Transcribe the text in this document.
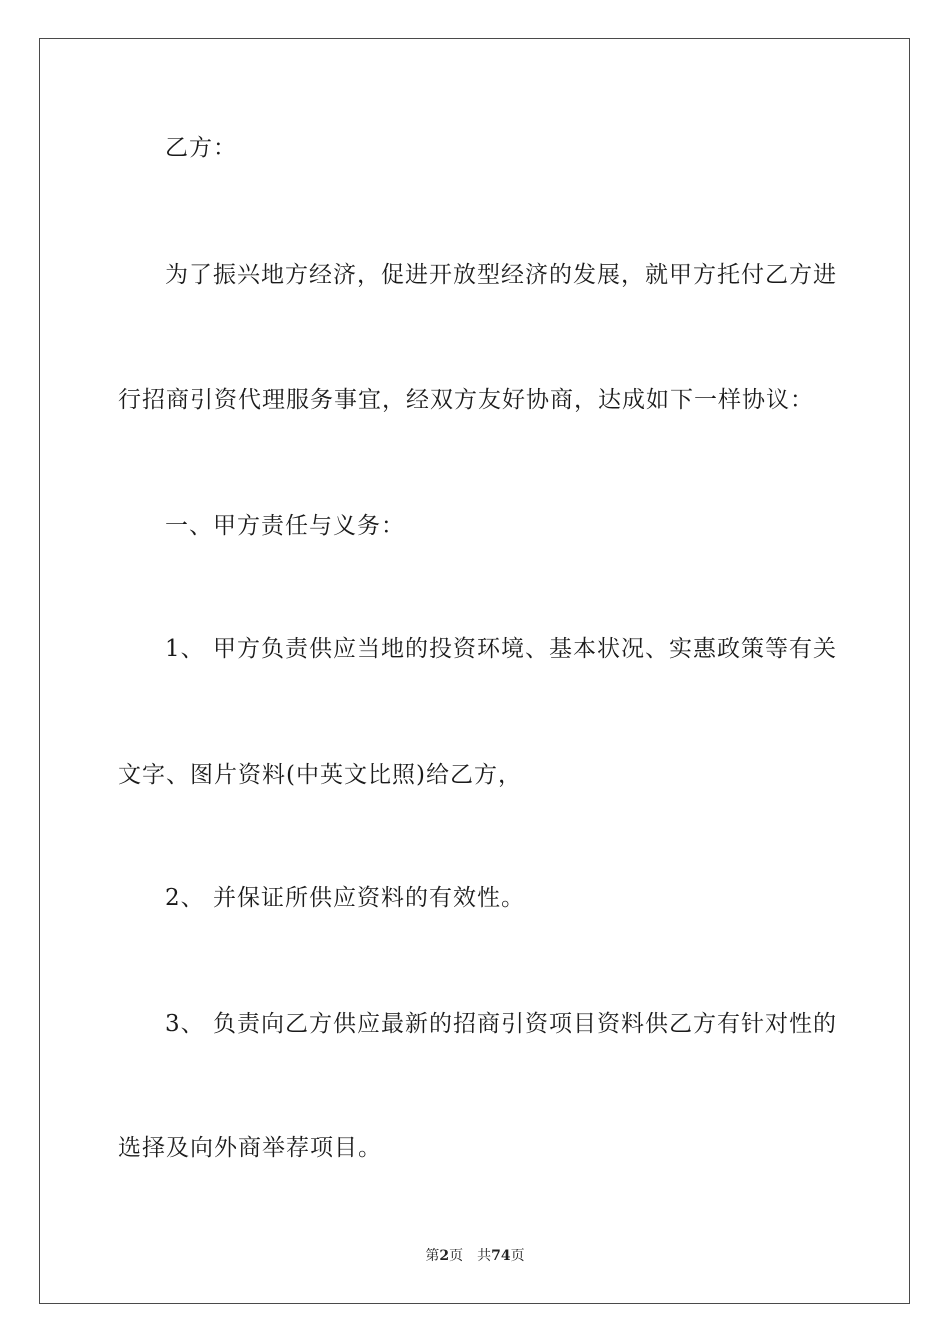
乙方：
为了振兴地方经济，促进开放型经济的发展，就甲方托付乙方进
行招商引资代理服务事宜，经双方友好协商，达成如下一样协议：
一、甲方责任与义务：
1、 甲方负责供应当地的投资环境、基本状况、实惠政策等有关
文字、图片资料(中英文比照)给乙方，
2、 并保证所供应资料的有效性。
3、 负责向乙方供应最新的招商引资项目资料供乙方有针对性的
选择及向外商举荐项目。
第2页 共74页
